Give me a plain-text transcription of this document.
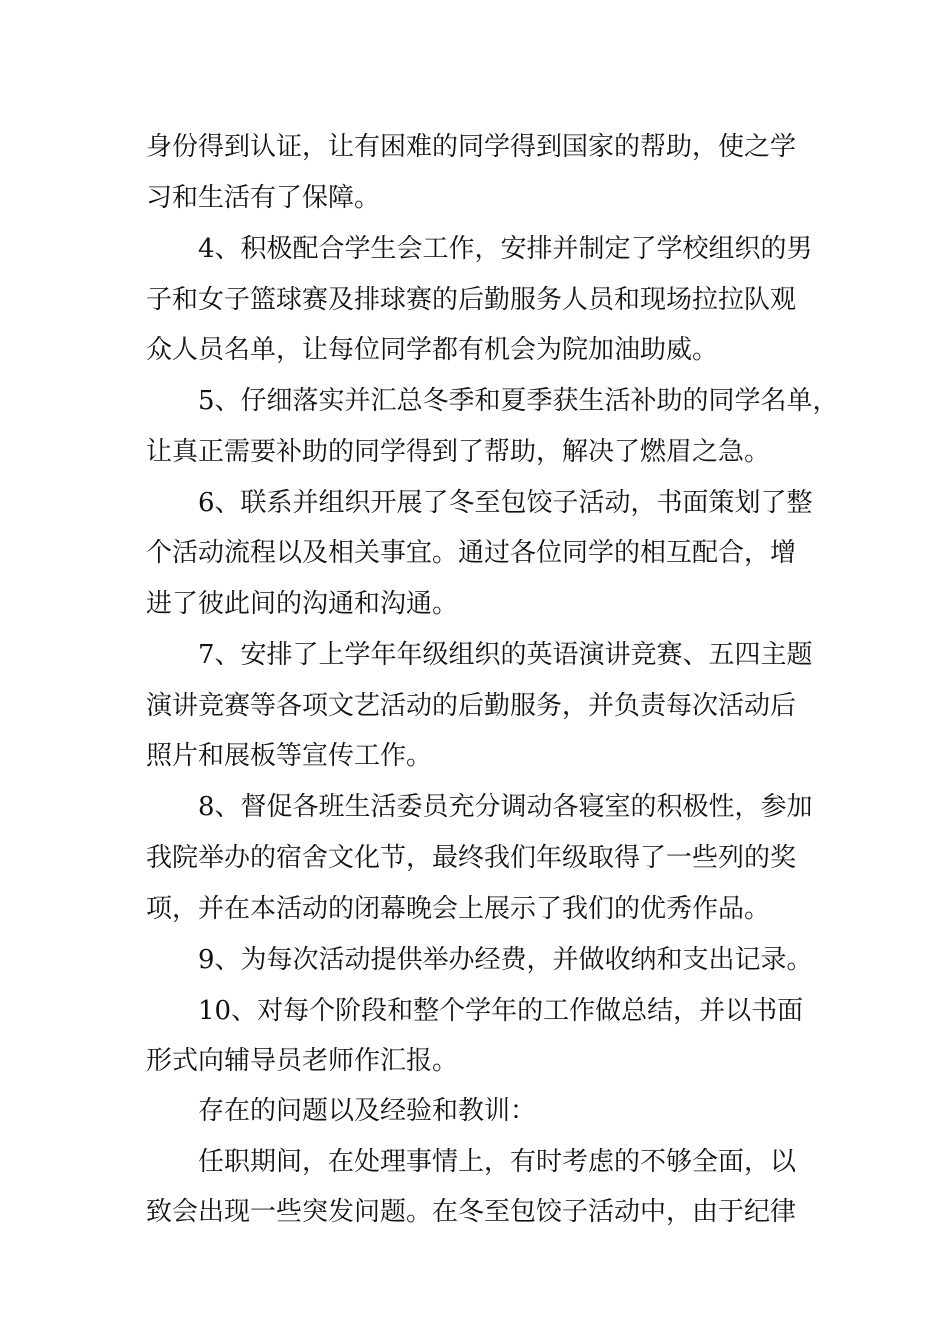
身份得到认证，让有困难的同学得到国家的帮助，使之学
习和生活有了保障。
4、积极配合学生会工作，安排并制定了学校组织的男
子和女子篮球赛及排球赛的后勤服务人员和现场拉拉队观
众人员名单，让每位同学都有机会为院加油助威。
5、仔细落实并汇总冬季和夏季获生活补助的同学名单，
让真正需要补助的同学得到了帮助，解决了燃眉之急。
6、联系并组织开展了冬至包饺子活动，书面策划了整
个活动流程以及相关事宜。通过各位同学的相互配合，增
进了彼此间的沟通和沟通。
7、安排了上学年年级组织的英语演讲竞赛、五四主题
演讲竞赛等各项文艺活动的后勤服务，并负责每次活动后
照片和展板等宣传工作。
8、督促各班生活委员充分调动各寝室的积极性，参加
我院举办的宿舍文化节，最终我们年级取得了一些列的奖
项，并在本活动的闭幕晚会上展示了我们的优秀作品。
9、为每次活动提供举办经费，并做收纳和支出记录。
10、对每个阶段和整个学年的工作做总结，并以书面
形式向辅导员老师作汇报。
存在的问题以及经验和教训：
任职期间，在处理事情上，有时考虑的不够全面，以
致会出现一些突发问题。在冬至包饺子活动中，由于纪律
